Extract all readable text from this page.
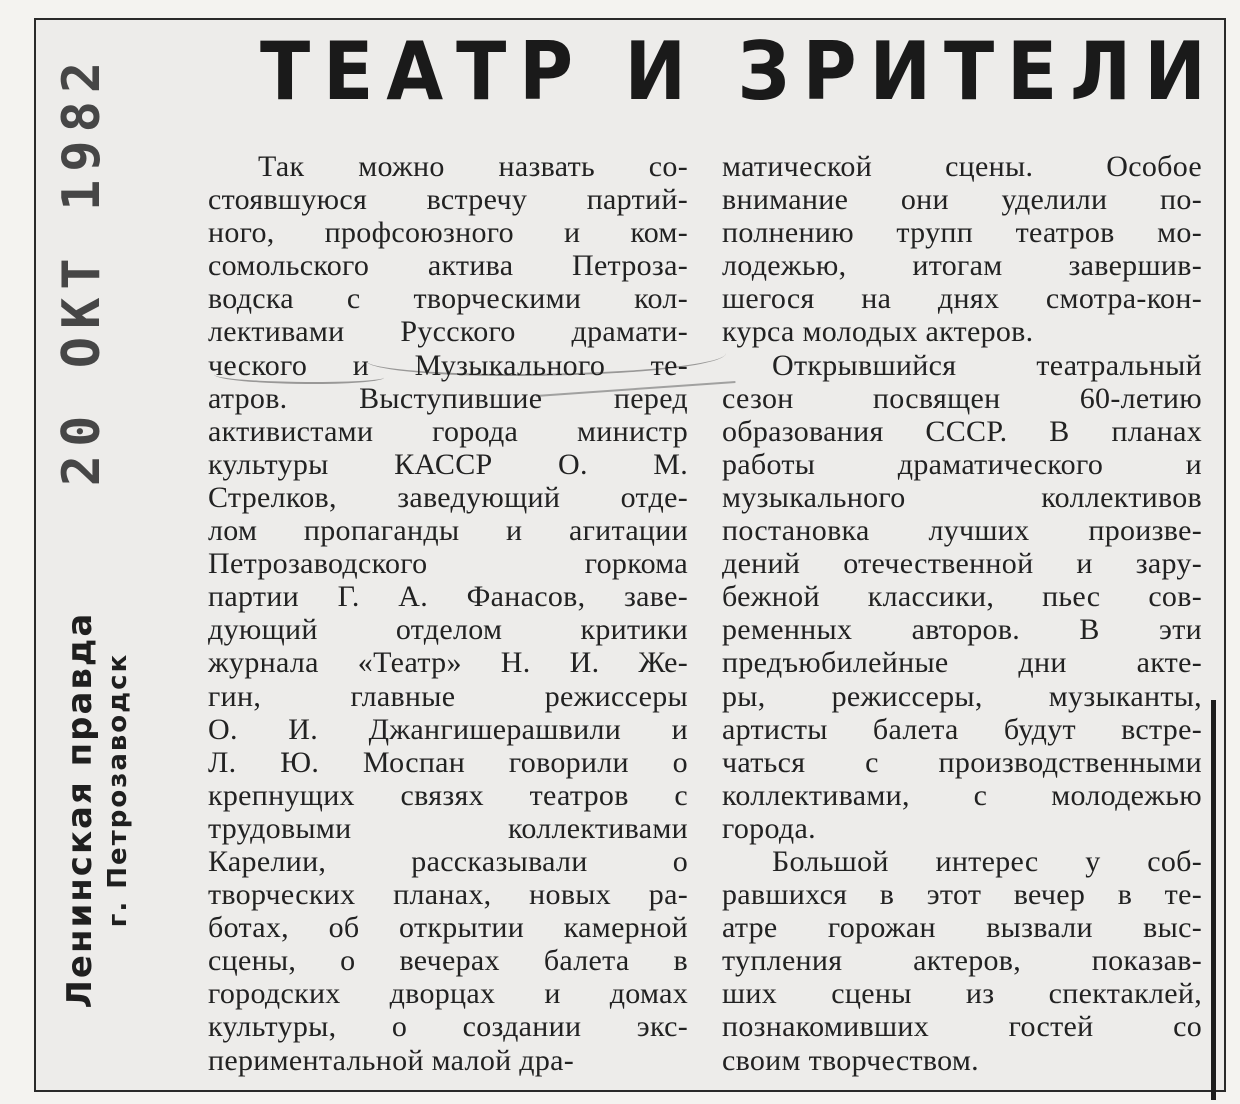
ТЕАТР И ЗРИТЕЛИ
20 ОКТ 1982
Ленинская правда г. Петрозаводск
Так можно назвать со-
стоявшуюся встречу партий-
ного, профсоюзного и ком-
сомольского актива Петроза-
водска с творческими кол-
лективами Русского драмати-
ческого и Музыкального те-
атров. Выступившие перед
активистами города министр
культуры КАССР О. М.
Стрелков, заведующий отде-
лом пропаганды и агитации
Петрозаводского горкома
партии Г. А. Фанасов, заве-
дующий отделом критики
журнала «Театр» Н. И. Же-
гин, главные режиссеры
О. И. Джангишерашвили и
Л. Ю. Моспан говорили о
крепнущих связях театров с
трудовыми коллективами
Карелии, рассказывали о
творческих планах, новых ра-
ботах, об открытии камерной
сцены, о вечерах балета в
городских дворцах и домах
культуры, о создании экс-
периментальной малой дра-
матической сцены. Особое
внимание они уделили по-
полнению трупп театров мо-
лодежью, итогам завершив-
шегося на днях смотра-кон-
курса молодых актеров.
Открывшийся театральный
сезон посвящен 60-летию
образования СССР. В планах
работы драматического и
музыкального коллективов
постановка лучших произве-
дений отечественной и зару-
бежной классики, пьес сов-
ременных авторов. В эти
предъюбилейные дни акте-
ры, режиссеры, музыканты,
артисты балета будут встре-
чаться с производственными
коллективами, с молодежью
города.
Большой интерес у соб-
равшихся в этот вечер в те-
атре горожан вызвали выс-
тупления актеров, показав-
ших сцены из спектаклей,
познакомивших гостей со
своим творчеством.
